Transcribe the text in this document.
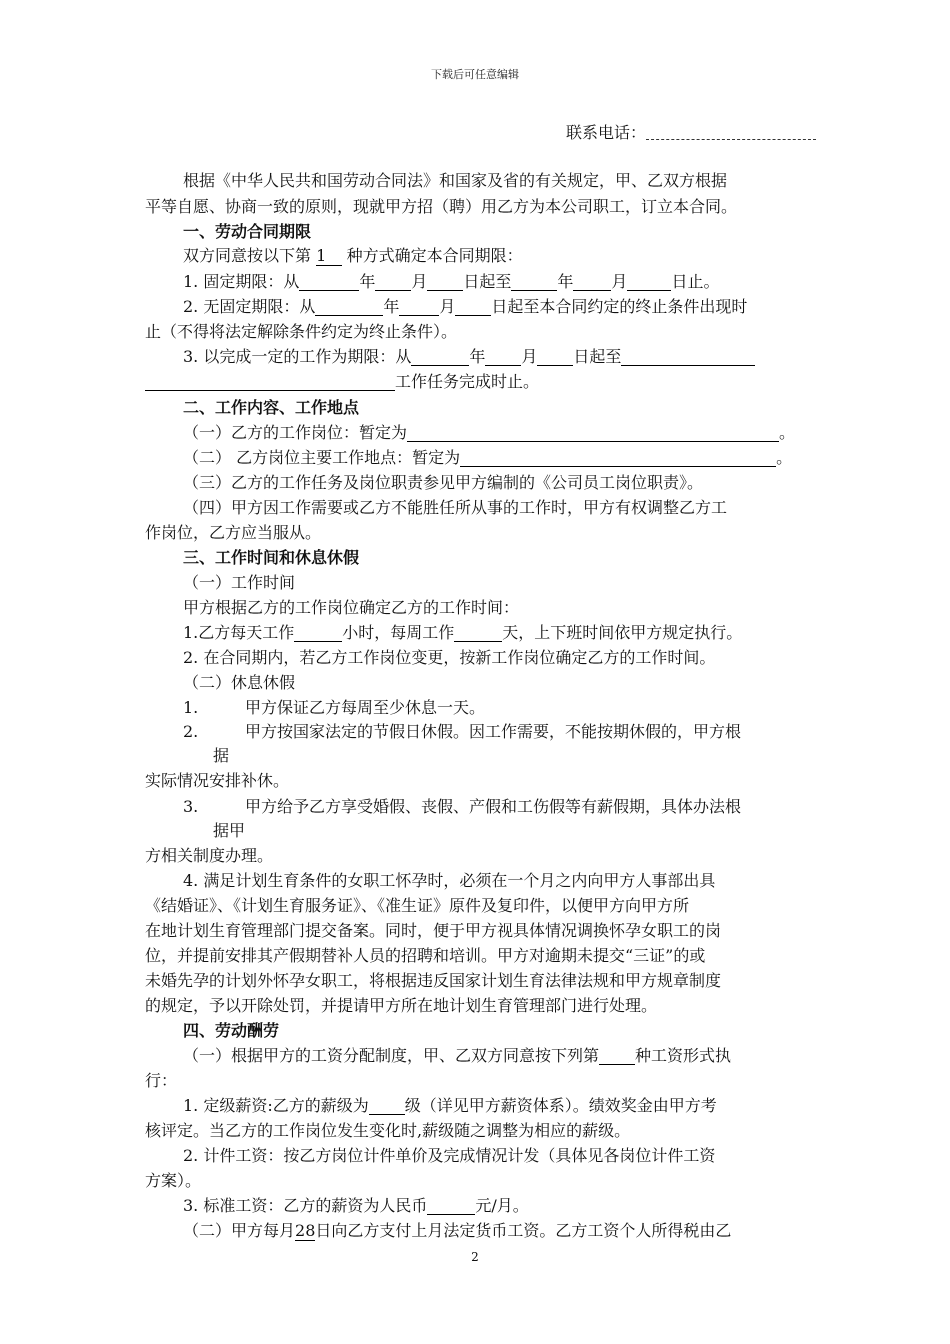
下载后可任意编辑
联系电话：
根据《中华人民共和国劳动合同法》和国家及省的有关规定，甲、乙双方根据
平等自愿、协商一致的原则，现就甲方招（聘）用乙方为本公司职工，订立本合同。
一、劳动合同期限
双方同意按以下第 1 种方式确定本合同期限：
1. 固定期限：从	年 月 日起至	年 月	日止。
2. 无固定期限：从	年	月 日起至本合同约定的终止条件出现时
止（不得将法定解除条件约定为终止条件）。
3. 以完成一定的工作为期限：从	年 月 日起至
工作任务完成时止。
二、工作内容、工作地点
（一）乙方的工作岗位：暂定为	。
（二） 乙方岗位主要工作地点：暂定为	。
（三）乙方的工作任务及岗位职责参见甲方编制的《公司员工岗位职责》。
（四）甲方因工作需要或乙方不能胜任所从事的工作时，甲方有权调整乙方工
作岗位，乙方应当服从。
三、工作时间和休息休假
（一）工作时间
甲方根据乙方的工作岗位确定乙方的工作时间：
1.乙方每天工作	小时，每周工作	天，上下班时间依甲方规定执行。
2. 在合同期内，若乙方工作岗位变更，按新工作岗位确定乙方的工作时间。
（二）休息休假
1.	甲方保证乙方每周至少休息一天。
2.	甲方按国家法定的节假日休假。因工作需要，不能按期休假的，甲方根
据
实际情况安排补休。
3.	甲方给予乙方享受婚假、丧假、产假和工伤假等有薪假期，具体办法根
据甲
方相关制度办理。
4. 满足计划生育条件的女职工怀孕时，必须在一个月之内向甲方人事部出具
《结婚证》、《计划生育服务证》、《准生证》原件及复印件，以便甲方向甲方所
在地计划生育管理部门提交备案。同时，便于甲方视具体情况调换怀孕女职工的岗
位，并提前安排其产假期替补人员的招聘和培训。甲方对逾期未提交“三证”的或
未婚先孕的计划外怀孕女职工，将根据违反国家计划生育法律法规和甲方规章制度
的规定，予以开除处罚，并提请甲方所在地计划生育管理部门进行处理。
四、劳动酬劳
（一）根据甲方的工资分配制度，甲、乙双方同意按下列第 种工资形式执
行：
1. 定级薪资:乙方的薪级为 级（详见甲方薪资体系）。绩效奖金由甲方考
核评定。当乙方的工作岗位发生变化时,薪级随之调整为相应的薪级。
2. 计件工资：按乙方岗位计件单价及完成情况计发（具体见各岗位计件工资
方案）。
3. 标准工资：乙方的薪资为人民币	元/月。
（二）甲方每月28日向乙方支付上月法定货币工资。乙方工资个人所得税由乙
2
